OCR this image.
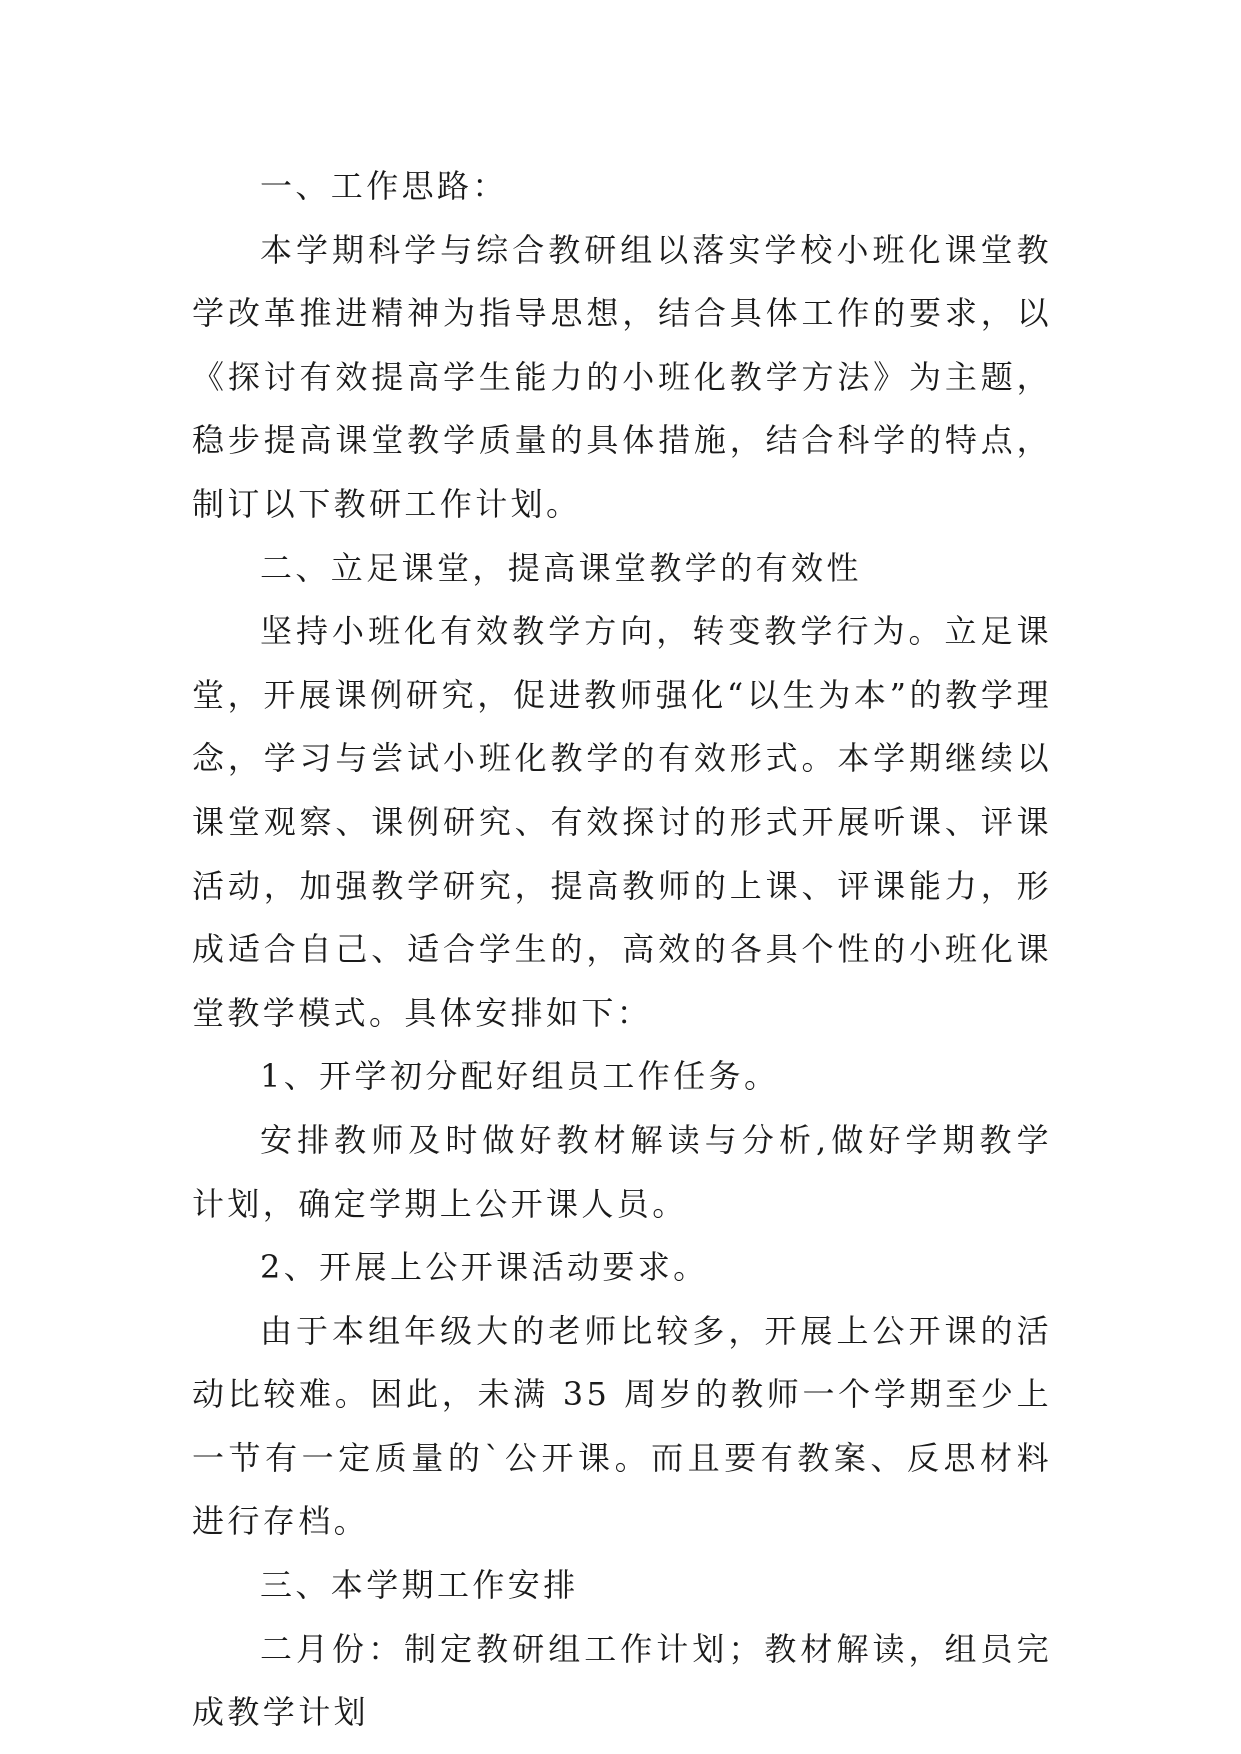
一、工作思路：

本学期科学与综合教研组以落实学校小班化课堂教学改革推进精神为指导思想，结合具体工作的要求，以《探讨有效提高学生能力的小班化教学方法》为主题，稳步提高课堂教学质量的具体措施，结合科学的特点，制订以下教研工作计划。

二、立足课堂，提高课堂教学的有效性

坚持小班化有效教学方向，转变教学行为。立足课堂，开展课例研究，促进教师强化“以生为本”的教学理念，学习与尝试小班化教学的有效形式。本学期继续以课堂观察、课例研究、有效探讨的形式开展听课、评课活动，加强教学研究，提高教师的上课、评课能力，形成适合自己、适合学生的，高效的各具个性的小班化课堂教学模式。具体安排如下：

1、开学初分配好组员工作任务。

安排教师及时做好教材解读与分析,做好学期教学计划，确定学期上公开课人员。

2、开展上公开课活动要求。

由于本组年级大的老师比较多，开展上公开课的活动比较难。困此，未满 35 周岁的教师一个学期至少上一节有一定质量的`公开课。而且要有教案、反思材料进行存档。

三、本学期工作安排

二月份：制定教研组工作计划；教材解读，组员完成教学计划
